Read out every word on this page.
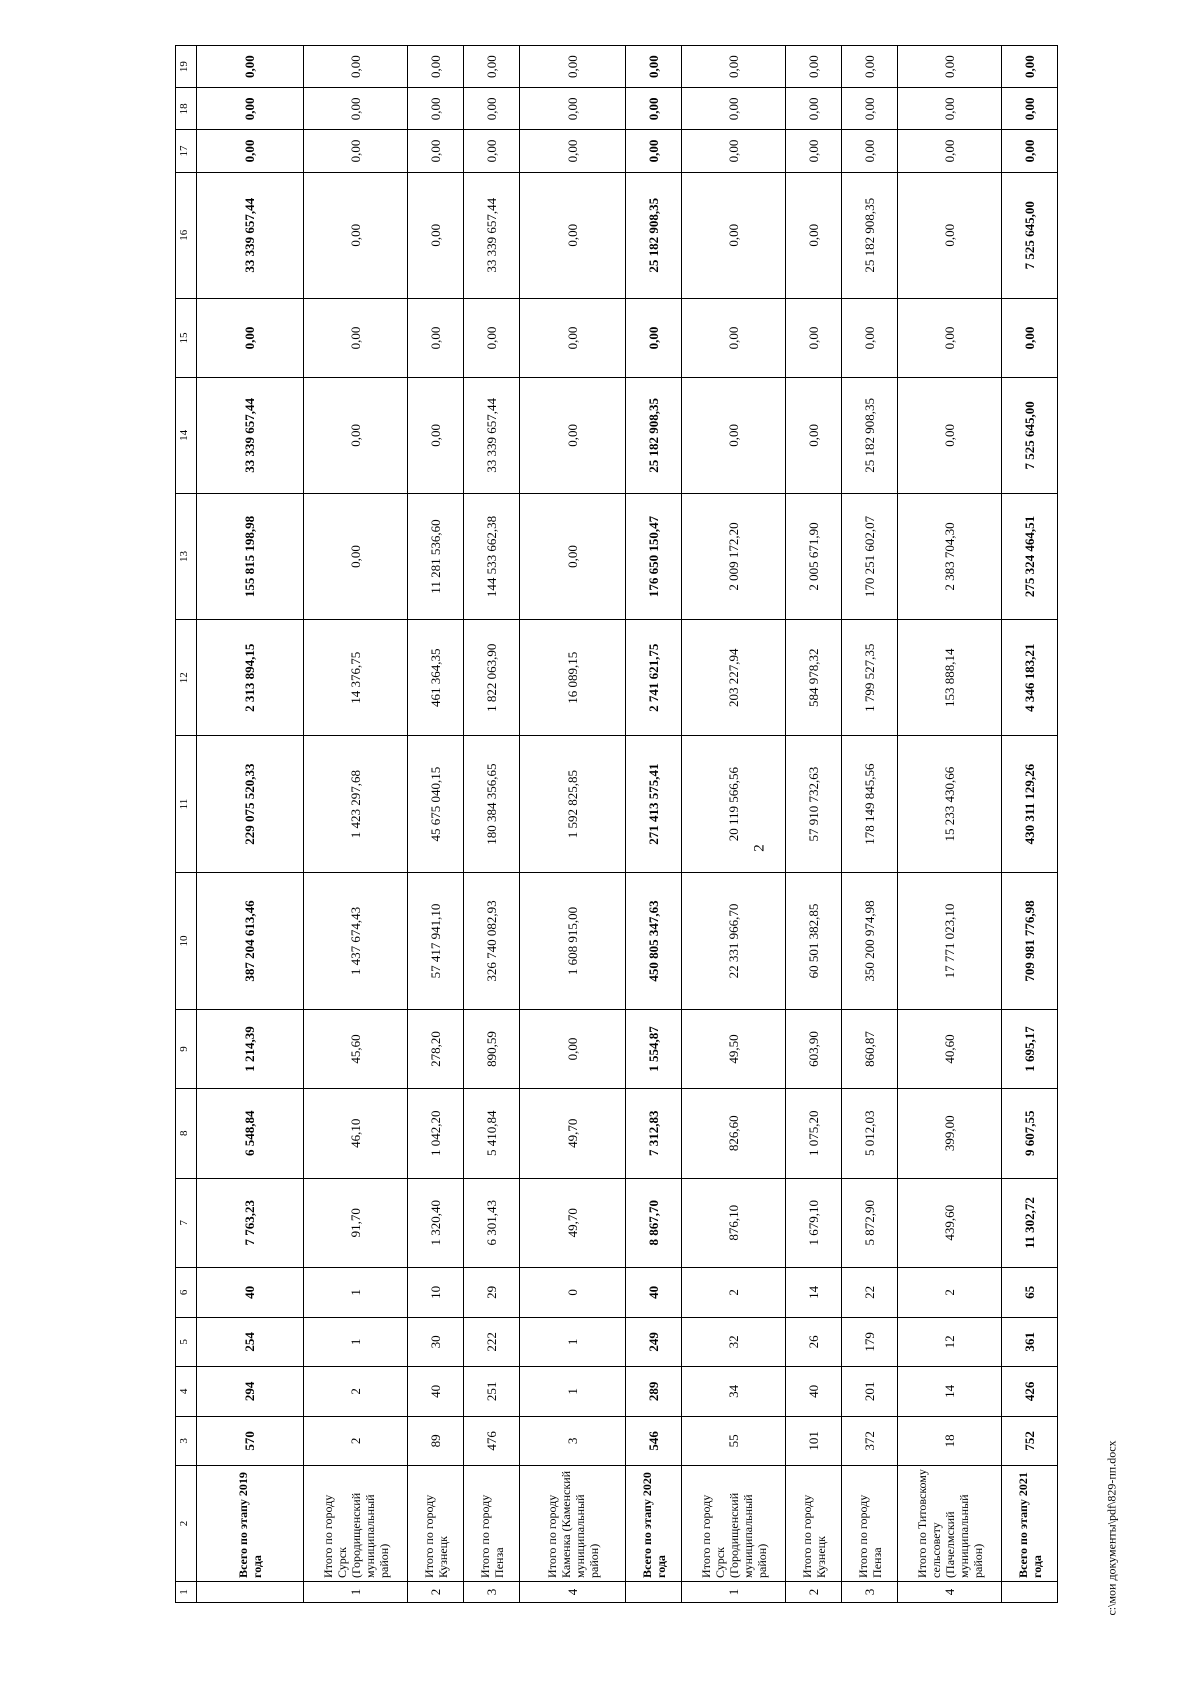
2
1	2	3	4	5	6	7	8	9	10	11	12	13	14	15	16	17	18	19
	Всего по этапу 2019 года	570	294	254	40	7 763,23	6 548,84	1 214,39	387 204 613,46	229 075 520,33	2 313 894,15	155 815 198,98	33 339 657,44	0,00	33 339 657,44	0,00	0,00	0,00
1	Итого по городу Сурск (Городищенский муниципальный район)	2	2	1	1	91,70	46,10	45,60	1 437 674,43	1 423 297,68	14 376,75	0,00	0,00	0,00	0,00	0,00	0,00	0,00
2	Итого по городу Кузнецк	89	40	30	10	1 320,40	1 042,20	278,20	57 417 941,10	45 675 040,15	461 364,35	11 281 536,60	0,00	0,00	0,00	0,00	0,00	0,00
3	Итого по городу Пенза	476	251	222	29	6 301,43	5 410,84	890,59	326 740 082,93	180 384 356,65	1 822 063,90	144 533 662,38	33 339 657,44	0,00	33 339 657,44	0,00	0,00	0,00
4	Итого по городу Каменка (Каменский муниципальный район)	3	1	1	0	49,70	49,70	0,00	1 608 915,00	1 592 825,85	16 089,15	0,00	0,00	0,00	0,00	0,00	0,00	0,00
	Всего по этапу 2020 года	546	289	249	40	8 867,70	7 312,83	1 554,87	450 805 347,63	271 413 575,41	2 741 621,75	176 650 150,47	25 182 908,35	0,00	25 182 908,35	0,00	0,00	0,00
1	Итого по городу Сурск (Городищенский муниципальный район)	55	34	32	2	876,10	826,60	49,50	22 331 966,70	20 119 566,56	203 227,94	2 009 172,20	0,00	0,00	0,00	0,00	0,00	0,00
2	Итого по городу Кузнецк	101	40	26	14	1 679,10	1 075,20	603,90	60 501 382,85	57 910 732,63	584 978,32	2 005 671,90	0,00	0,00	0,00	0,00	0,00	0,00
3	Итого по городу Пенза	372	201	179	22	5 872,90	5 012,03	860,87	350 200 974,98	178 149 845,56	1 799 527,35	170 251 602,07	25 182 908,35	0,00	25 182 908,35	0,00	0,00	0,00
4	Итого по Титовскому сельсовету (Пачелмский муниципальный район)	18	14	12	2	439,60	399,00	40,60	17 771 023,10	15 233 430,66	153 888,14	2 383 704,30	0,00	0,00	0,00	0,00	0,00	0,00
	Всего по этапу 2021 года	752	426	361	65	11 302,72	9 607,55	1 695,17	709 981 776,98	430 311 129,26	4 346 183,21	275 324 464,51	7 525 645,00	0,00	7 525 645,00	0,00	0,00	0,00
c:\мои документы\pdf\829-пп.docx
